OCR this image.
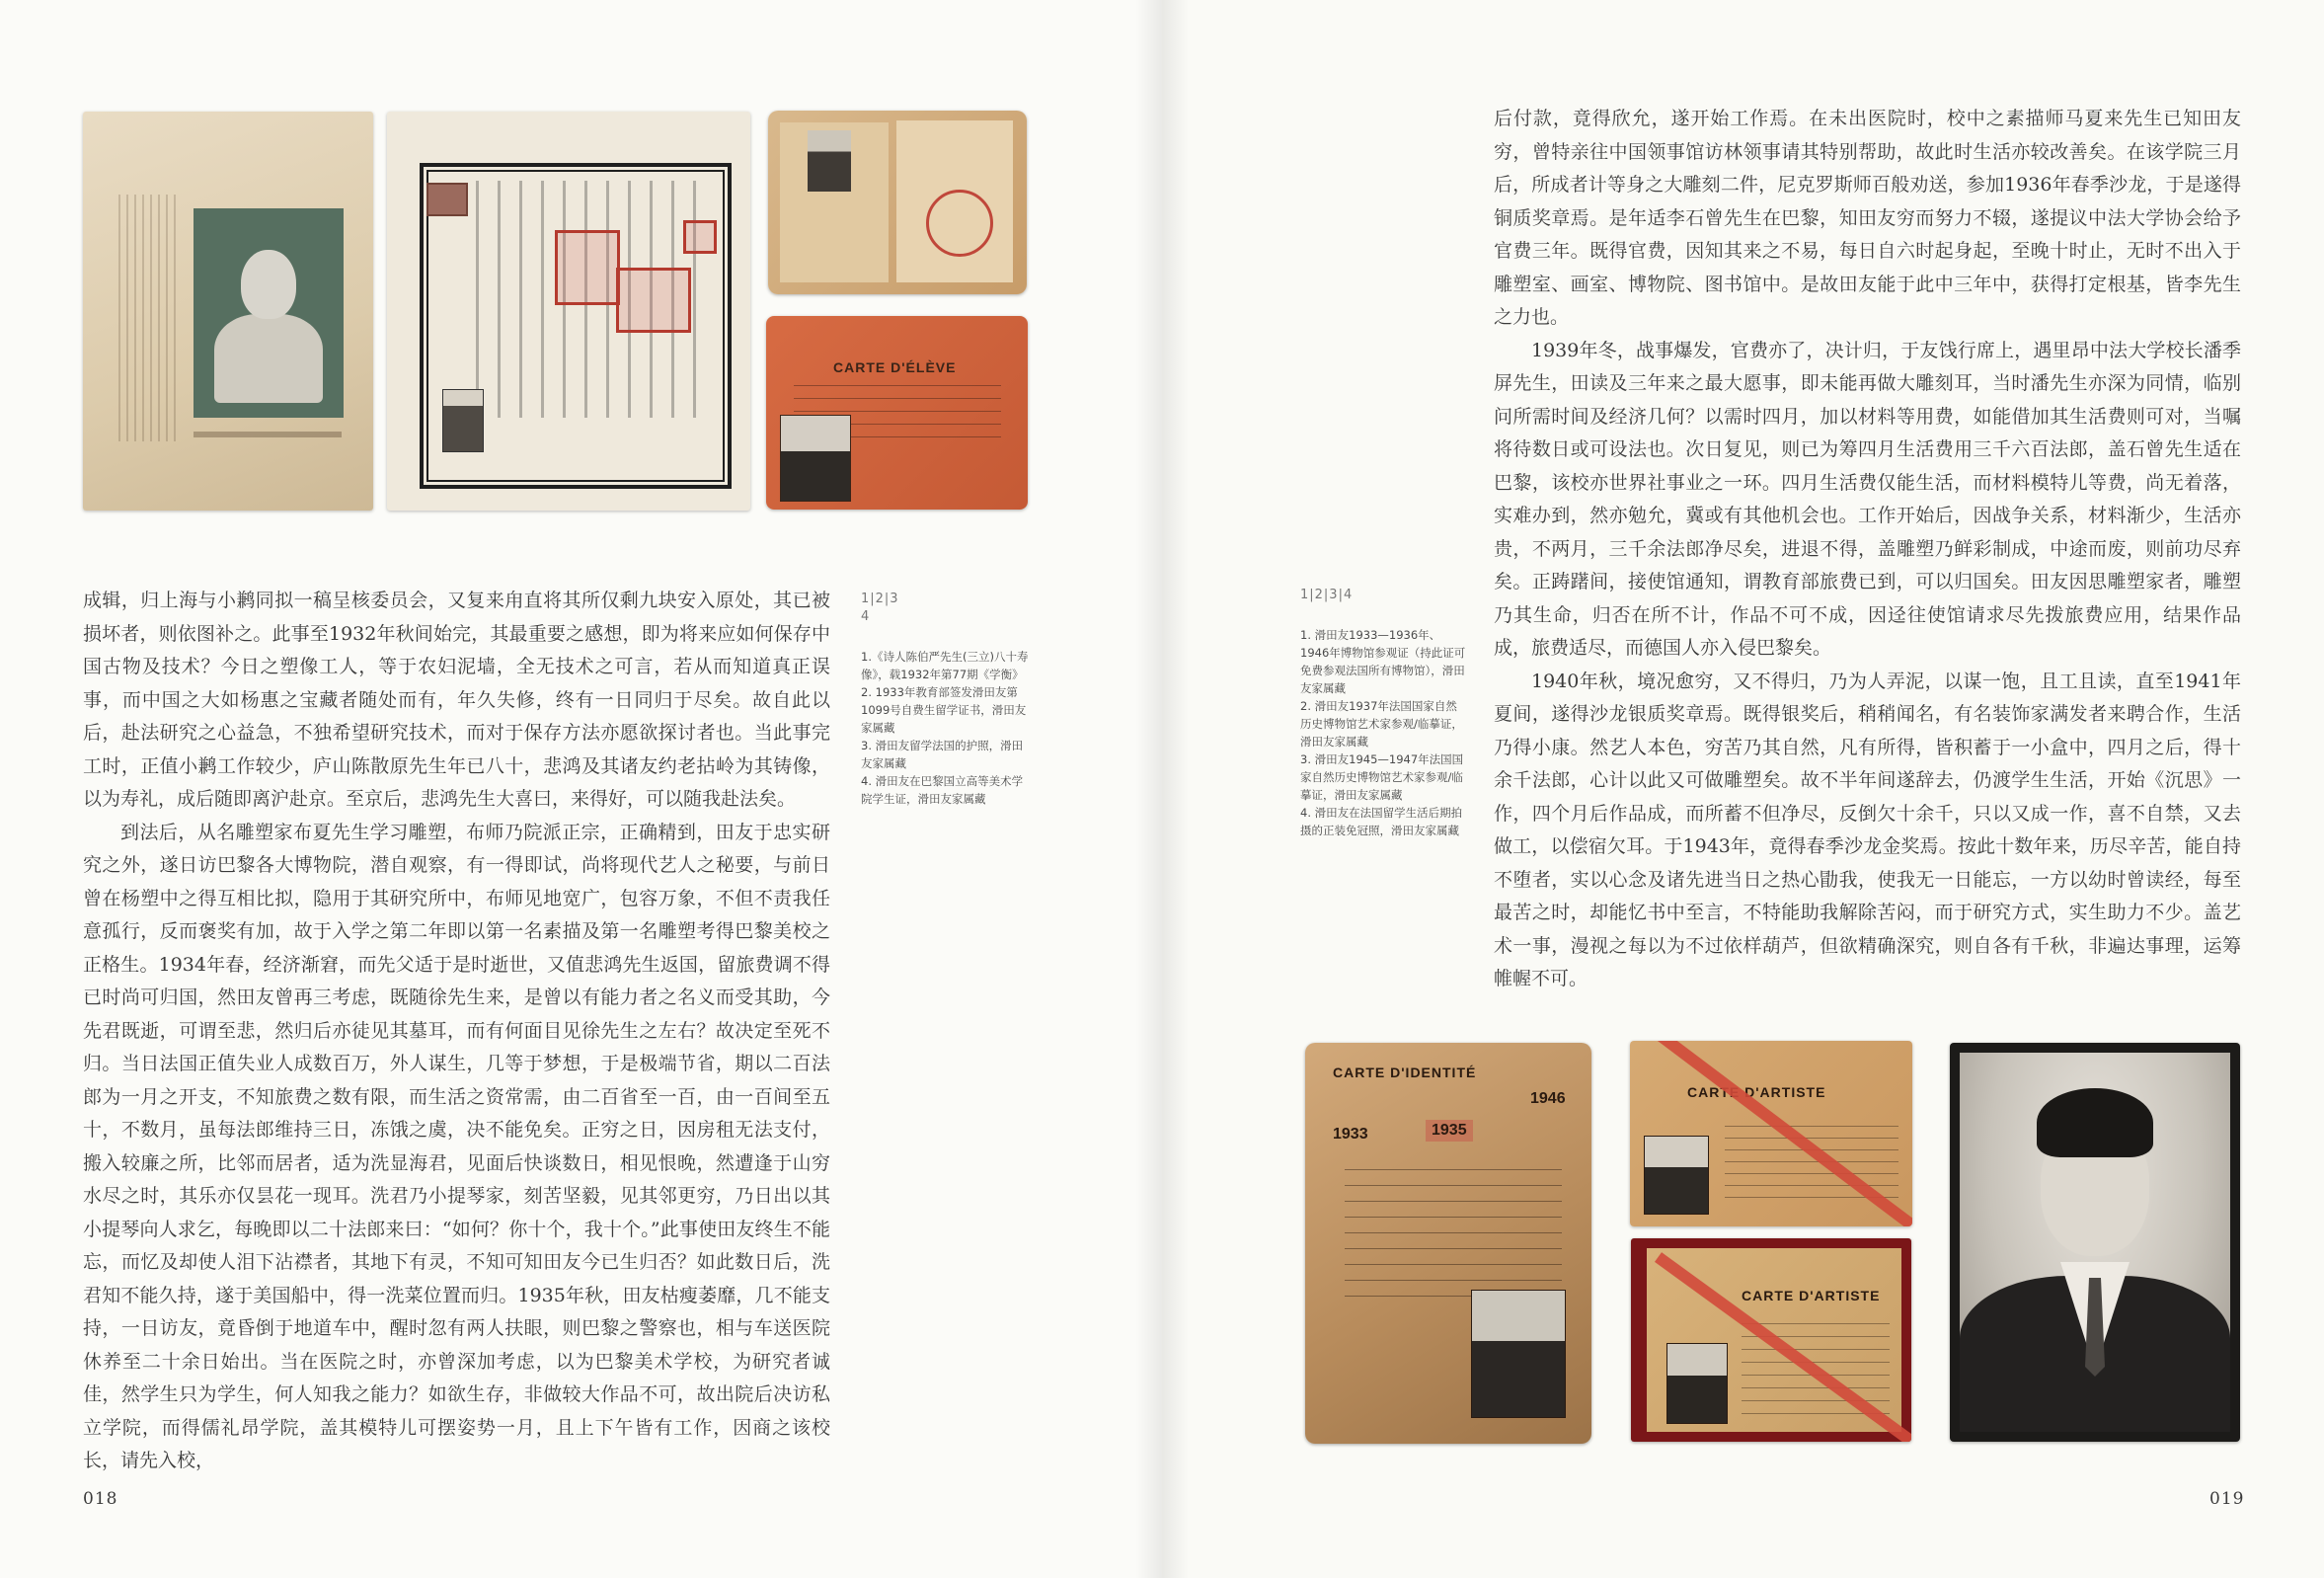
CARTE D'ÉLÈVE

成辑，归上海与小鹣同拟一稿呈核委员会，又复来甪直将其所仅剩九块安入原处，其已被损坏者，则依图补之。此事至1932年秋间始完，其最重要之感想，即为将来应如何保存中国古物及技术？今日之塑像工人，等于农妇泥墙，全无技术之可言，若从而知道真正误事，而中国之大如杨惠之宝藏者随处而有，年久失修，终有一日同归于尽矣。故自此以后，赴法研究之心益急，不独希望研究技术，而对于保存方法亦愿欲探讨者也。当此事完工时，正值小鹣工作较少，庐山陈散原先生年已八十，悲鸿及其诸友约老拈岭为其铸像，以为寿礼，成后随即离沪赴京。至京后，悲鸿先生大喜曰，来得好，可以随我赴法矣。

到法后，从名雕塑家布夏先生学习雕塑，布师乃院派正宗，正确精到，田友于忠实研究之外，遂日访巴黎各大博物院，潜自观察，有一得即试，尚将现代艺人之秘要，与前日曾在杨塑中之得互相比拟，隐用于其研究所中，布师见地宽广，包容万象，不但不责我任意孤行，反而褒奖有加，故于入学之第二年即以第一名素描及第一名雕塑考得巴黎美校之正格生。1934年春，经济渐窘，而先父适于是时逝世，又值悲鸿先生返国，留旅费调不得已时尚可归国，然田友曾再三考虑，既随徐先生来，是曾以有能力者之名义而受其助，今先君既逝，可谓至悲，然归后亦徒见其墓耳，而有何面目见徐先生之左右？故决定至死不归。当日法国正值失业人成数百万，外人谋生，几等于梦想，于是极端节省，期以二百法郎为一月之开支，不知旅费之数有限，而生活之资常需，由二百省至一百，由一百间至五十，不数月，虽每法郎维持三日，冻饿之虞，决不能免矣。正穷之日，因房租无法支付，搬入较廉之所，比邻而居者，适为洗显海君，见面后快谈数日，相见恨晚，然遭逢于山穷水尽之时，其乐亦仅昙花一现耳。洗君乃小提琴家，刻苦坚毅，见其邻更穷，乃日出以其小提琴向人求乞，每晚即以二十法郎来曰：“如何？你十个，我十个。”此事使田友终生不能忘，而忆及却使人泪下沾襟者，其地下有灵，不知可知田友今已生归否？如此数日后，洗君知不能久持，遂于美国船中，得一洗菜位置而归。1935年秋，田友枯瘦萎靡，几不能支持，一日访友，竟昏倒于地道车中，醒时忽有两人扶眼，则巴黎之警察也，相与车送医院休养至二十余日始出。当在医院之时，亦曾深加考虑，以为巴黎美术学校，为研究者诚佳，然学生只为学生，何人知我之能力？如欲生存，非做较大作品不可，故出院后决访私立学院，而得儒礼昂学院，盖其模特儿可摆姿势一月，且上下午皆有工作，因商之该校长，请先入校，

1|2|3
4

1.《诗人陈伯严先生(三立)八十寿像》，载1932年第77期《学衡》

2. 1933年教育部签发滑田友第1099号自费生留学证书，滑田友家属藏

3. 滑田友留学法国的护照，滑田友家属藏

4. 滑田友在巴黎国立高等美术学院学生证，滑田友家属藏

018

后付款，竟得欣允，遂开始工作焉。在未出医院时，校中之素描师马夏来先生已知田友穷，曾特亲往中国领事馆访林领事请其特别帮助，故此时生活亦较改善矣。在该学院三月后，所成者计等身之大雕刻二件，尼克罗斯师百般劝送，参加1936年春季沙龙，于是遂得铜质奖章焉。是年适李石曾先生在巴黎，知田友穷而努力不辍，遂提议中法大学协会给予官费三年。既得官费，因知其来之不易，每日自六时起身起，至晚十时止，无时不出入于雕塑室、画室、博物院、图书馆中。是故田友能于此中三年中，获得打定根基，皆李先生之力也。

1939年冬，战事爆发，官费亦了，决计归，于友饯行席上，遇里昂中法大学校长潘季屏先生，田读及三年来之最大愿事，即未能再做大雕刻耳，当时潘先生亦深为同情，临别问所需时间及经济几何？以需时四月，加以材料等用费，如能借加其生活费则可对，当嘱将待数日或可设法也。次日复见，则已为筹四月生活费用三千六百法郎，盖石曾先生适在巴黎，该校亦世界社事业之一环。四月生活费仅能生活，而材料模特儿等费，尚无着落，实难办到，然亦勉允，冀或有其他机会也。工作开始后，因战争关系，材料渐少，生活亦贵，不两月，三千余法郎净尽矣，进退不得，盖雕塑乃鲜彩制成，中途而废，则前功尽弃矣。正踌躇间，接使馆通知，谓教育部旅费已到，可以归国矣。田友因思雕塑家者，雕塑乃其生命，归否在所不计，作品不可不成，因迳往使馆请求尽先拨旅费应用，结果作品成，旅费适尽，而德国人亦入侵巴黎矣。

1940年秋，境况愈穷，又不得归，乃为人弄泥，以谋一饱，且工且读，直至1941年夏间，遂得沙龙银质奖章焉。既得银奖后，稍稍闻名，有名装饰家满发者来聘合作，生活乃得小康。然艺人本色，穷苦乃其自然，凡有所得，皆积蓄于一小盒中，四月之后，得十余千法郎，心计以此又可做雕塑矣。故不半年间遂辞去，仍渡学生生活，开始《沉思》一作，四个月后作品成，而所蓄不但净尽，反倒欠十余千，只以又成一作，喜不自禁，又去做工，以偿宿欠耳。于1943年，竟得春季沙龙金奖焉。按此十数年来，历尽辛苦，能自持不堕者，实以心念及诸先进当日之热心勖我，使我无一日能忘，一方以幼时曾读经，每至最苦之时，却能忆书中至言，不特能助我解除苦闷，而于研究方式，实生助力不少。盖艺术一事，漫视之每以为不过依样葫芦，但欲精确深究，则自各有千秋，非遍达事理，运筹帷幄不可。

1|2|3|4

1. 滑田友1933—1936年、1946年博物馆参观证（持此证可免费参观法国所有博物馆），滑田友家属藏

2. 滑田友1937年法国国家自然历史博物馆艺术家参观/临摹证，滑田友家属藏

3. 滑田友1945—1947年法国国家自然历史博物馆艺术家参观/临摹证，滑田友家属藏

4. 滑田友在法国留学生活后期拍摄的正装免冠照，滑田友家属藏

CARTE D'IDENTITÉ
1933	1935
1946	CARTE D'ARTISTE
CARTE D'ARTISTE
019
